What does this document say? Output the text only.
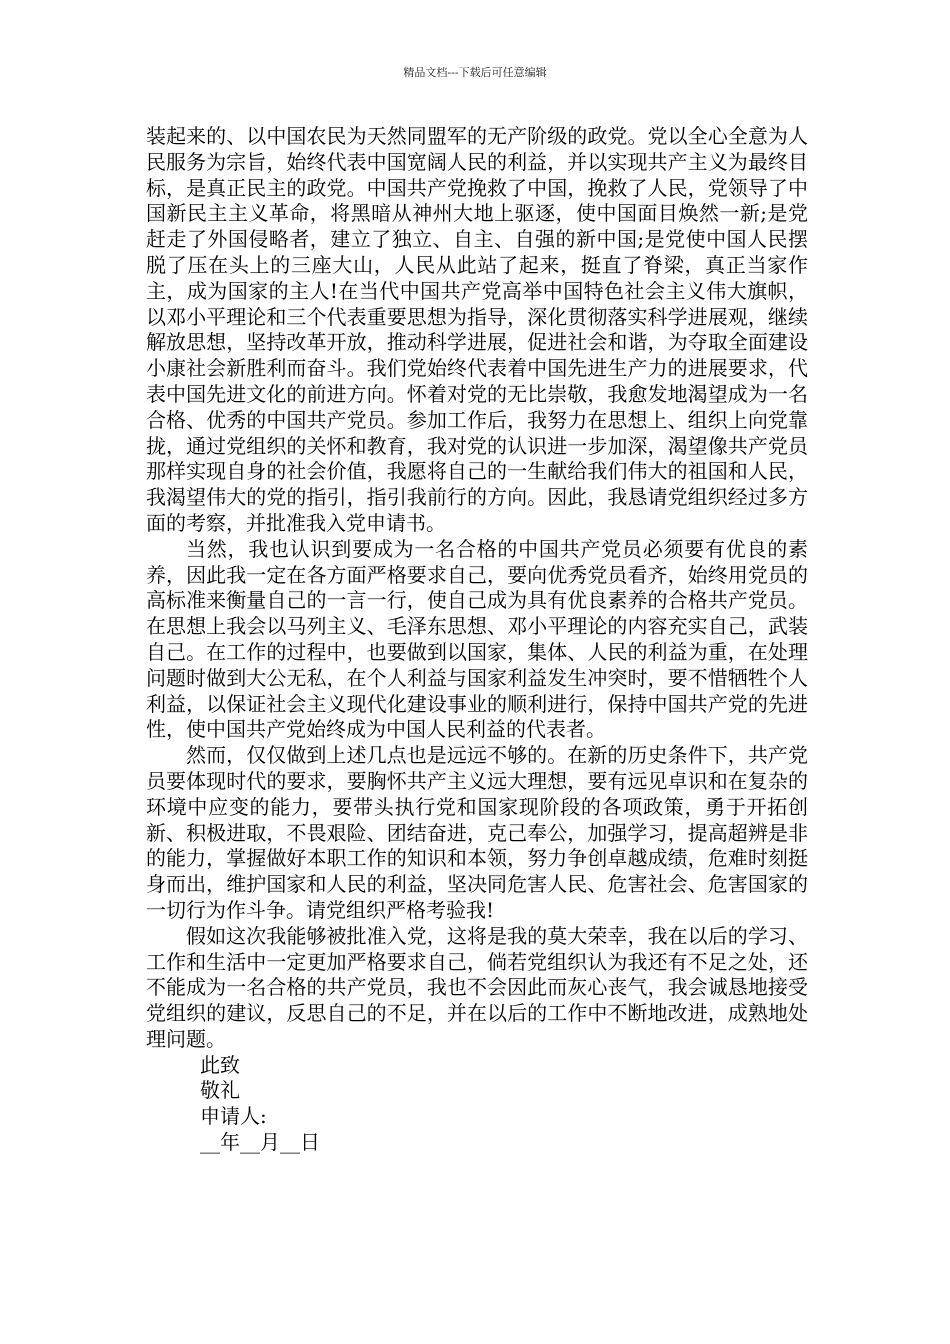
精品文档---下载后可任意编辑

装起来的、以中国农民为天然同盟军的无产阶级的政党。党以全心全意为人民服务为宗旨，始终代表中国宽阔人民的利益，并以实现共产主义为最终目标，是真正民主的政党。中国共产党挽救了中国，挽救了人民，党领导了中国新民主主义革命，将黑暗从神州大地上驱逐，使中国面目焕然一新;是党赶走了外国侵略者，建立了独立、自主、自强的新中国;是党使中国人民摆脱了压在头上的三座大山，人民从此站了起来，挺直了脊梁，真正当家作主，成为国家的主人!在当代中国共产党高举中国特色社会主义伟大旗帜，以邓小平理论和三个代表重要思想为指导，深化贯彻落实科学进展观，继续解放思想，坚持改革开放，推动科学进展，促进社会和谐，为夺取全面建设小康社会新胜利而奋斗。我们党始终代表着中国先进生产力的进展要求，代表中国先进文化的前进方向。怀着对党的无比崇敬，我愈发地渴望成为一名合格、优秀的中国共产党员。参加工作后，我努力在思想上、组织上向党靠拢，通过党组织的关怀和教育，我对党的认识进一步加深，渴望像共产党员那样实现自身的社会价值，我愿将自己的一生献给我们伟大的祖国和人民，我渴望伟大的党的指引，指引我前行的方向。因此，我恳请党组织经过多方面的考察，并批准我入党申请书。

当然，我也认识到要成为一名合格的中国共产党员必须要有优良的素养，因此我一定在各方面严格要求自己，要向优秀党员看齐，始终用党员的高标准来衡量自己的一言一行，使自己成为具有优良素养的合格共产党员。在思想上我会以马列主义、毛泽东思想、邓小平理论的内容充实自己，武装自己。在工作的过程中，也要做到以国家，集体、人民的利益为重，在处理问题时做到大公无私，在个人利益与国家利益发生冲突时，要不惜牺牲个人利益，以保证社会主义现代化建设事业的顺利进行，保持中国共产党的先进性，使中国共产党始终成为中国人民利益的代表者。

然而，仅仅做到上述几点也是远远不够的。在新的历史条件下，共产党员要体现时代的要求，要胸怀共产主义远大理想，要有远见卓识和在复杂的环境中应变的能力，要带头执行党和国家现阶段的各项政策，勇于开拓创新、积极进取，不畏艰险、团结奋进，克己奉公，加强学习，提高超辨是非的能力，掌握做好本职工作的知识和本领，努力争创卓越成绩，危难时刻挺身而出，维护国家和人民的利益，坚决同危害人民、危害社会、危害国家的一切行为作斗争。请党组织严格考验我!

假如这次我能够被批准入党，这将是我的莫大荣幸，我在以后的学习、工作和生活中一定更加严格要求自己，倘若党组织认为我还有不足之处，还不能成为一名合格的共产党员，我也不会因此而灰心丧气，我会诚恳地接受党组织的建议，反思自己的不足，并在以后的工作中不断地改进，成熟地处理问题。

此致

敬礼

申请人:

__年__月__日
